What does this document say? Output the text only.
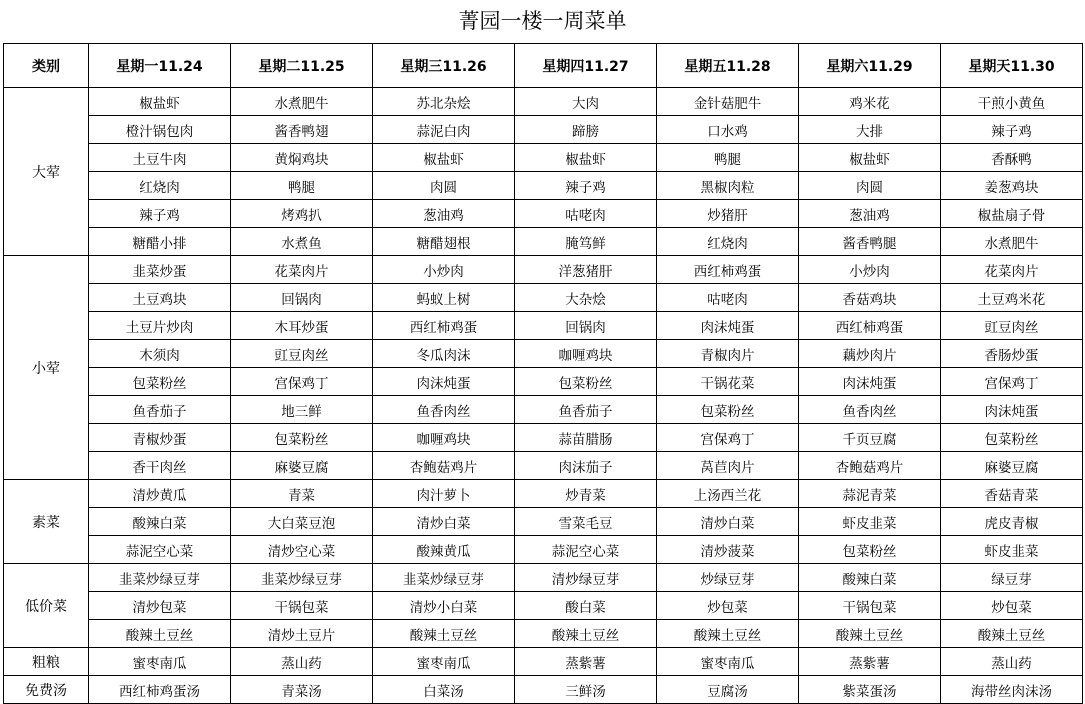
菁园一楼一周菜单
类别	星期一11.24	星期二11.25	星期三11.26	星期四11.27	星期五11.28	星期六11.29	星期天11.30
大荤	椒盐虾	水煮肥牛	苏北杂烩	大肉	金针菇肥牛	鸡米花	干煎小黄鱼
	橙汁锅包肉	酱香鸭翅	蒜泥白肉	蹄膀	口水鸡	大排	辣子鸡
	土豆牛肉	黄焖鸡块	椒盐虾	椒盐虾	鸭腿	椒盐虾	香酥鸭
	红烧肉	鸭腿	肉圆	辣子鸡	黑椒肉粒	肉圆	姜葱鸡块
	辣子鸡	烤鸡扒	葱油鸡	咕咾肉	炒猪肝	葱油鸡	椒盐扇子骨
	糖醋小排	水煮鱼	糖醋翅根	腌笃鲜	红烧肉	酱香鸭腿	水煮肥牛
小荤	韭菜炒蛋	花菜肉片	小炒肉	洋葱猪肝	西红柿鸡蛋	小炒肉	花菜肉片
	土豆鸡块	回锅肉	蚂蚁上树	大杂烩	咕咾肉	香菇鸡块	土豆鸡米花
	土豆片炒肉	木耳炒蛋	西红柿鸡蛋	回锅肉	肉沫炖蛋	西红柿鸡蛋	豇豆肉丝
	木须肉	豇豆肉丝	冬瓜肉沫	咖喱鸡块	青椒肉片	藕炒肉片	香肠炒蛋
	包菜粉丝	宫保鸡丁	肉沫炖蛋	包菜粉丝	干锅花菜	肉沫炖蛋	宫保鸡丁
	鱼香茄子	地三鲜	鱼香肉丝	鱼香茄子	包菜粉丝	鱼香肉丝	肉沫炖蛋
	青椒炒蛋	包菜粉丝	咖喱鸡块	蒜苗腊肠	宫保鸡丁	千页豆腐	包菜粉丝
	香干肉丝	麻婆豆腐	杏鲍菇鸡片	肉沫茄子	莴苣肉片	杏鲍菇鸡片	麻婆豆腐
素菜	清炒黄瓜	青菜	肉汁萝卜	炒青菜	上汤西兰花	蒜泥青菜	香菇青菜
	酸辣白菜	大白菜豆泡	清炒白菜	雪菜毛豆	清炒白菜	虾皮韭菜	虎皮青椒
	蒜泥空心菜	清炒空心菜	酸辣黄瓜	蒜泥空心菜	清炒菠菜	包菜粉丝	虾皮韭菜
低价菜	韭菜炒绿豆芽	韭菜炒绿豆芽	韭菜炒绿豆芽	清炒绿豆芽	炒绿豆芽	酸辣白菜	绿豆芽
	清炒包菜	干锅包菜	清炒小白菜	酸白菜	炒包菜	干锅包菜	炒包菜
	酸辣土豆丝	清炒土豆片	酸辣土豆丝	酸辣土豆丝	酸辣土豆丝	酸辣土豆丝	酸辣土豆丝
粗粮	蜜枣南瓜	蒸山药	蜜枣南瓜	蒸紫薯	蜜枣南瓜	蒸紫薯	蒸山药
免费汤	西红柿鸡蛋汤	青菜汤	白菜汤	三鲜汤	豆腐汤	紫菜蛋汤	海带丝肉沫汤
